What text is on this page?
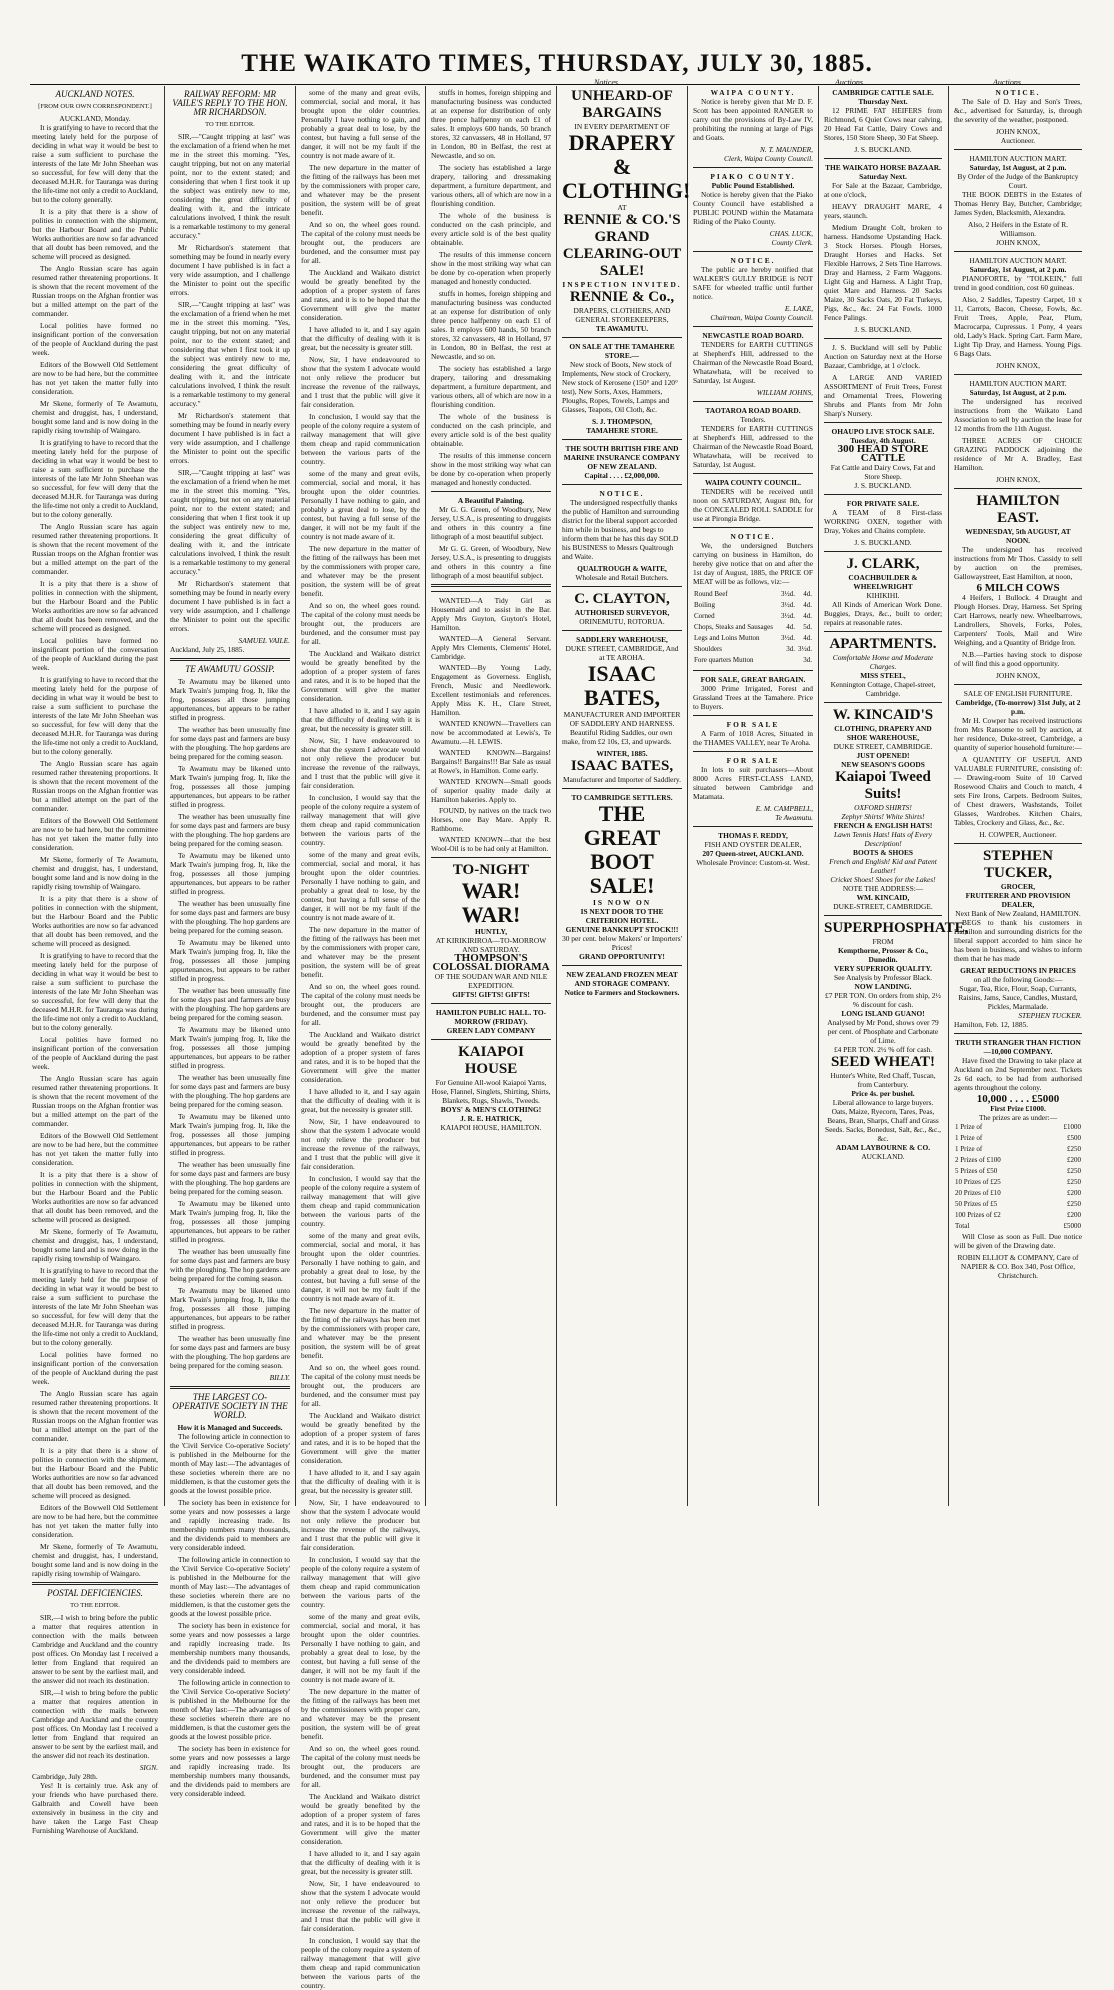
THE WAIKATO TIMES, THURSDAY, JULY 30, 1885.
Notices.	Auctions.	Auctions.
AUCKLAND NOTES.
[FROM OUR OWN CORRESPONDENT.]
AUCKLAND, Monday.

It is gratifying to have to record that the meeting lately held for the purpose of deciding in what way it would be best to raise a sum sufficient to purchase the interests of the late Mr John Sheehan was so successful, for few will deny that the deceased M.H.R. for Tauranga was during the life-time not only a credit to Auckland, but to the colony generally.

It is a pity that there is a show of polities in connection with the shipment, but the Harbour Board and the Public Works authorities are now so far advanced that all doubt has been removed, and the scheme will proceed as designed.

The Anglo Russian scare has again resumed rather threatening proportions. It is shown that the recent movement of the Russian troops on the Afghan frontier was but a milled attempt on the part of the commander.

Local polities have formed no insignificant portion of the conversation of the people of Auckland during the past week.

Editors of the Bowwell Old Settlement are now to be had here, but the committee has not yet taken the matter fully into consideration.

Mr Skene, formerly of Te Awamutu, chemist and druggist, has, I understand, bought some land and is now doing in the rapidly rising township of Waingaro.

It is gratifying to have to record that the meeting lately held for the purpose of deciding in what way it would be best to raise a sum sufficient to purchase the interests of the late Mr John Sheehan was so successful, for few will deny that the deceased M.H.R. for Tauranga was during the life-time not only a credit to Auckland, but to the colony generally.

The Anglo Russian scare has again resumed rather threatening proportions. It is shown that the recent movement of the Russian troops on the Afghan frontier was but a milled attempt on the part of the commander.

It is a pity that there is a show of polities in connection with the shipment, but the Harbour Board and the Public Works authorities are now so far advanced that all doubt has been removed, and the scheme will proceed as designed.

Local polities have formed no insignificant portion of the conversation of the people of Auckland during the past week.

It is gratifying to have to record that the meeting lately held for the purpose of deciding in what way it would be best to raise a sum sufficient to purchase the interests of the late Mr John Sheehan was so successful, for few will deny that the deceased M.H.R. for Tauranga was during the life-time not only a credit to Auckland, but to the colony generally.

The Anglo Russian scare has again resumed rather threatening proportions. It is shown that the recent movement of the Russian troops on the Afghan frontier was but a milled attempt on the part of the commander.

Editors of the Bowwell Old Settlement are now to be had here, but the committee has not yet taken the matter fully into consideration.

Mr Skene, formerly of Te Awamutu, chemist and druggist, has, I understand, bought some land and is now doing in the rapidly rising township of Waingaro.

It is a pity that there is a show of polities in connection with the shipment, but the Harbour Board and the Public Works authorities are now so far advanced that all doubt has been removed, and the scheme will proceed as designed.

It is gratifying to have to record that the meeting lately held for the purpose of deciding in what way it would be best to raise a sum sufficient to purchase the interests of the late Mr John Sheehan was so successful, for few will deny that the deceased M.H.R. for Tauranga was during the life-time not only a credit to Auckland, but to the colony generally.

Local polities have formed no insignificant portion of the conversation of the people of Auckland during the past week.

The Anglo Russian scare has again resumed rather threatening proportions. It is shown that the recent movement of the Russian troops on the Afghan frontier was but a milled attempt on the part of the commander.

Editors of the Bowwell Old Settlement are now to be had here, but the committee has not yet taken the matter fully into consideration.

It is a pity that there is a show of polities in connection with the shipment, but the Harbour Board and the Public Works authorities are now so far advanced that all doubt has been removed, and the scheme will proceed as designed.

Mr Skene, formerly of Te Awamutu, chemist and druggist, has, I understand, bought some land and is now doing in the rapidly rising township of Waingaro.

It is gratifying to have to record that the meeting lately held for the purpose of deciding in what way it would be best to raise a sum sufficient to purchase the interests of the late Mr John Sheehan was so successful, for few will deny that the deceased M.H.R. for Tauranga was during the life-time not only a credit to Auckland, but to the colony generally.

Local polities have formed no insignificant portion of the conversation of the people of Auckland during the past week.

The Anglo Russian scare has again resumed rather threatening proportions. It is shown that the recent movement of the Russian troops on the Afghan frontier was but a milled attempt on the part of the commander.

It is a pity that there is a show of polities in connection with the shipment, but the Harbour Board and the Public Works authorities are now so far advanced that all doubt has been removed, and the scheme will proceed as designed.

Editors of the Bowwell Old Settlement are now to be had here, but the committee has not yet taken the matter fully into consideration.

Mr Skene, formerly of Te Awamutu, chemist and druggist, has, I understand, bought some land and is now doing in the rapidly rising township of Waingaro.

POSTAL DEFICIENCIES.
TO THE EDITOR.

SIR,—I wish to bring before the public a matter that requires attention in connection with the mails between Cambridge and Auckland and the country post offices. On Monday last I received a letter from England that required an answer to be sent by the earliest mail, and the answer did not reach its destination.

SIR,—I wish to bring before the public a matter that requires attention in connection with the mails between Cambridge and Auckland and the country post offices. On Monday last I received a letter from England that required an answer to be sent by the earliest mail, and the answer did not reach its destination.

SIGN.
Cambridge, July 28th.

Yes! It is certainly true. Ask any of your friends who have purchased there. Galbraith and Cowell have been extensively in business in the city and have taken the Large Fast Cheap Furnishing Warehouse of Auckland.

RAILWAY REFORM: MR VAILE'S REPLY TO THE HON. MR RICHARDSON.
TO THE EDITOR.

SIR,—"Caught tripping at last" was the exclamation of a friend when he met me in the street this morning. "Yes, caught tripping, but not on any material point, nor to the extent stated; and considering that when I first took it up the subject was entirely new to me, considering the great difficulty of dealing with it, and the intricate calculations involved, I think the result is a remarkable testimony to my general accuracy."

Mr Richardson's statement that something may be found in nearly every document I have published is in fact a very wide assumption, and I challenge the Minister to point out the specific errors.

SIR,—"Caught tripping at last" was the exclamation of a friend when he met me in the street this morning. "Yes, caught tripping, but not on any material point, nor to the extent stated; and considering that when I first took it up the subject was entirely new to me, considering the great difficulty of dealing with it, and the intricate calculations involved, I think the result is a remarkable testimony to my general accuracy."

Mr Richardson's statement that something may be found in nearly every document I have published is in fact a very wide assumption, and I challenge the Minister to point out the specific errors.

SIR,—"Caught tripping at last" was the exclamation of a friend when he met me in the street this morning. "Yes, caught tripping, but not on any material point, nor to the extent stated; and considering that when I first took it up the subject was entirely new to me, considering the great difficulty of dealing with it, and the intricate calculations involved, I think the result is a remarkable testimony to my general accuracy."

Mr Richardson's statement that something may be found in nearly every document I have published is in fact a very wide assumption, and I challenge the Minister to point out the specific errors.

SAMUEL VAILE.
Auckland, July 25, 1885.
TE AWAMUTU GOSSIP.

Te Awamutu may be likened unto Mark Twain's jumping frog. It, like the frog, possesses all those jumping appurtenances, but appears to be rather stifled in progress.

The weather has been unusually fine for some days past and farmers are busy with the ploughing. The hop gardens are being prepared for the coming season.

Te Awamutu may be likened unto Mark Twain's jumping frog. It, like the frog, possesses all those jumping appurtenances, but appears to be rather stifled in progress.

The weather has been unusually fine for some days past and farmers are busy with the ploughing. The hop gardens are being prepared for the coming season.

Te Awamutu may be likened unto Mark Twain's jumping frog. It, like the frog, possesses all those jumping appurtenances, but appears to be rather stifled in progress.

The weather has been unusually fine for some days past and farmers are busy with the ploughing. The hop gardens are being prepared for the coming season.

Te Awamutu may be likened unto Mark Twain's jumping frog. It, like the frog, possesses all those jumping appurtenances, but appears to be rather stifled in progress.

The weather has been unusually fine for some days past and farmers are busy with the ploughing. The hop gardens are being prepared for the coming season.

Te Awamutu may be likened unto Mark Twain's jumping frog. It, like the frog, possesses all those jumping appurtenances, but appears to be rather stifled in progress.

The weather has been unusually fine for some days past and farmers are busy with the ploughing. The hop gardens are being prepared for the coming season.

Te Awamutu may be likened unto Mark Twain's jumping frog. It, like the frog, possesses all those jumping appurtenances, but appears to be rather stifled in progress.

The weather has been unusually fine for some days past and farmers are busy with the ploughing. The hop gardens are being prepared for the coming season.

Te Awamutu may be likened unto Mark Twain's jumping frog. It, like the frog, possesses all those jumping appurtenances, but appears to be rather stifled in progress.

The weather has been unusually fine for some days past and farmers are busy with the ploughing. The hop gardens are being prepared for the coming season.

Te Awamutu may be likened unto Mark Twain's jumping frog. It, like the frog, possesses all those jumping appurtenances, but appears to be rather stifled in progress.

The weather has been unusually fine for some days past and farmers are busy with the ploughing. The hop gardens are being prepared for the coming season.

BILLY.
THE LARGEST CO-OPERATIVE SOCIETY IN THE WORLD.
How it is Managed and Succeeds.

The following article in connection to the 'Civil Service Co-operative Society' is published in the Melbourne for the month of May last:—The advantages of these societies wherein there are no middlemen, is that the customer gets the goods at the lowest possible price.

The society has been in existence for some years and now possesses a large and rapidly increasing trade. Its membership numbers many thousands, and the dividends paid to members are very considerable indeed.

The following article in connection to the 'Civil Service Co-operative Society' is published in the Melbourne for the month of May last:—The advantages of these societies wherein there are no middlemen, is that the customer gets the goods at the lowest possible price.

The society has been in existence for some years and now possesses a large and rapidly increasing trade. Its membership numbers many thousands, and the dividends paid to members are very considerable indeed.

The following article in connection to the 'Civil Service Co-operative Society' is published in the Melbourne for the month of May last:—The advantages of these societies wherein there are no middlemen, is that the customer gets the goods at the lowest possible price.

The society has been in existence for some years and now possesses a large and rapidly increasing trade. Its membership numbers many thousands, and the dividends paid to members are very considerable indeed.

some of the many and great evils, commercial, social and moral, it has brought upon the older countries. Personally I have nothing to gain, and probably a great deal to lose, by the contest, but having a full sense of the danger, it will not be my fault if the country is not made aware of it.

The new departure in the matter of the fitting of the railways has been met by the commissioners with proper care, and whatever may be the present position, the system will be of great benefit.

And so on, the wheel goes round. The capital of the colony must needs be brought out, the producers are burdened, and the consumer must pay for all.

The Auckland and Waikato district would be greatly benefited by the adoption of a proper system of fares and rates, and it is to be hoped that the Government will give the matter consideration.

I have alluded to it, and I say again that the difficulty of dealing with it is great, but the necessity is greater still.

Now, Sir, I have endeavoured to show that the system I advocate would not only relieve the producer but increase the revenue of the railways, and I trust that the public will give it fair consideration.

In conclusion, I would say that the people of the colony require a system of railway management that will give them cheap and rapid communication between the various parts of the country.

some of the many and great evils, commercial, social and moral, it has brought upon the older countries. Personally I have nothing to gain, and probably a great deal to lose, by the contest, but having a full sense of the danger, it will not be my fault if the country is not made aware of it.

The new departure in the matter of the fitting of the railways has been met by the commissioners with proper care, and whatever may be the present position, the system will be of great benefit.

And so on, the wheel goes round. The capital of the colony must needs be brought out, the producers are burdened, and the consumer must pay for all.

The Auckland and Waikato district would be greatly benefited by the adoption of a proper system of fares and rates, and it is to be hoped that the Government will give the matter consideration.

I have alluded to it, and I say again that the difficulty of dealing with it is great, but the necessity is greater still.

Now, Sir, I have endeavoured to show that the system I advocate would not only relieve the producer but increase the revenue of the railways, and I trust that the public will give it fair consideration.

In conclusion, I would say that the people of the colony require a system of railway management that will give them cheap and rapid communication between the various parts of the country.

some of the many and great evils, commercial, social and moral, it has brought upon the older countries. Personally I have nothing to gain, and probably a great deal to lose, by the contest, but having a full sense of the danger, it will not be my fault if the country is not made aware of it.

The new departure in the matter of the fitting of the railways has been met by the commissioners with proper care, and whatever may be the present position, the system will be of great benefit.

And so on, the wheel goes round. The capital of the colony must needs be brought out, the producers are burdened, and the consumer must pay for all.

The Auckland and Waikato district would be greatly benefited by the adoption of a proper system of fares and rates, and it is to be hoped that the Government will give the matter consideration.

I have alluded to it, and I say again that the difficulty of dealing with it is great, but the necessity is greater still.

Now, Sir, I have endeavoured to show that the system I advocate would not only relieve the producer but increase the revenue of the railways, and I trust that the public will give it fair consideration.

In conclusion, I would say that the people of the colony require a system of railway management that will give them cheap and rapid communication between the various parts of the country.

some of the many and great evils, commercial, social and moral, it has brought upon the older countries. Personally I have nothing to gain, and probably a great deal to lose, by the contest, but having a full sense of the danger, it will not be my fault if the country is not made aware of it.

The new departure in the matter of the fitting of the railways has been met by the commissioners with proper care, and whatever may be the present position, the system will be of great benefit.

And so on, the wheel goes round. The capital of the colony must needs be brought out, the producers are burdened, and the consumer must pay for all.

The Auckland and Waikato district would be greatly benefited by the adoption of a proper system of fares and rates, and it is to be hoped that the Government will give the matter consideration.

I have alluded to it, and I say again that the difficulty of dealing with it is great, but the necessity is greater still.

Now, Sir, I have endeavoured to show that the system I advocate would not only relieve the producer but increase the revenue of the railways, and I trust that the public will give it fair consideration.

In conclusion, I would say that the people of the colony require a system of railway management that will give them cheap and rapid communication between the various parts of the country.

some of the many and great evils, commercial, social and moral, it has brought upon the older countries. Personally I have nothing to gain, and probably a great deal to lose, by the contest, but having a full sense of the danger, it will not be my fault if the country is not made aware of it.

The new departure in the matter of the fitting of the railways has been met by the commissioners with proper care, and whatever may be the present position, the system will be of great benefit.

And so on, the wheel goes round. The capital of the colony must needs be brought out, the producers are burdened, and the consumer must pay for all.

The Auckland and Waikato district would be greatly benefited by the adoption of a proper system of fares and rates, and it is to be hoped that the Government will give the matter consideration.

I have alluded to it, and I say again that the difficulty of dealing with it is great, but the necessity is greater still.

Now, Sir, I have endeavoured to show that the system I advocate would not only relieve the producer but increase the revenue of the railways, and I trust that the public will give it fair consideration.

In conclusion, I would say that the people of the colony require a system of railway management that will give them cheap and rapid communication between the various parts of the country.

stuffs in homes, foreign shipping and manufacturing business was conducted at an expense for distribution of only three pence halfpenny on each £1 of sales. It employs 600 hands, 50 branch stores, 32 canvassers, 48 in Holland, 97 in London, 80 in Belfast, the rest at Newcastle, and so on.

The society has established a large drapery, tailoring and dressmaking department, a furniture department, and various others, all of which are now in a flourishing condition.

The whole of the business is conducted on the cash principle, and every article sold is of the best quality obtainable.

The results of this immense concern show in the most striking way what can be done by co-operation when properly managed and honestly conducted.

stuffs in homes, foreign shipping and manufacturing business was conducted at an expense for distribution of only three pence halfpenny on each £1 of sales. It employs 600 hands, 50 branch stores, 32 canvassers, 48 in Holland, 97 in London, 80 in Belfast, the rest at Newcastle, and so on.

The society has established a large drapery, tailoring and dressmaking department, a furniture department, and various others, all of which are now in a flourishing condition.

The whole of the business is conducted on the cash principle, and every article sold is of the best quality obtainable.

The results of this immense concern show in the most striking way what can be done by co-operation when properly managed and honestly conducted.

A Beautiful Painting.

Mr G. G. Green, of Woodbury, New Jersey, U.S.A., is presenting to druggists and others in this country a fine lithograph of a most beautiful subject.

Mr G. G. Green, of Woodbury, New Jersey, U.S.A., is presenting to druggists and others in this country a fine lithograph of a most beautiful subject.

WANTED—A Tidy Girl as Housemaid and to assist in the Bar. Apply Mrs Guyton, Guyton's Hotel, Hamilton.

WANTED—A General Servant. Apply Mrs Clements, Clements' Hotel, Cambridge.

WANTED—By Young Lady, Engagement as Governess. English, French, Music and Needlework. Excellent testimonials and references. Apply Miss K. H., Clare Street, Hamilton.

WANTED KNOWN—Travellers can now be accommodated at Lewis's, Te Awamutu.—H. LEWIS.

WANTED KNOWN—Bargains! Bargains!! Bargains!!! Bar Sale as usual at Rowe's, in Hamilton. Come early.

WANTED KNOWN—Small goods of superior quality made daily at Hamilton bakeries. Apply to.

FOUND, by natives on the track two Horses, one Bay Mare. Apply R. Rathborne.

WANTED KNOWN—that the best Wool-Oil is to be had only at Hamilton.

TO-NIGHT
WAR! WAR!
HUNTLY,
AT KIRIKIRIROA—TO-MORROW AND SATURDAY.
THOMPSON'S COLOSSAL DIORAMA
OF THE SOUDAN WAR AND NILE EXPEDITION.
GIFTS! GIFTS! GIFTS!
HAMILTON PUBLIC HALL. TO-MORROW (FRIDAY).
GREEN LADY COMPANY
KAIAPOI HOUSE
For Genuine All-wool Kaiapoi Yarns, Hose, Flannel, Singlets, Shirting, Shirts, Blankets, Rugs, Shawls, Tweeds.
BOYS' & MEN'S CLOTHING!
J. R. E. HATRICK,
KAIAPOI HOUSE, HAMILTON.
UNHEARD-OF BARGAINS
IN EVERY DEPARTMENT OF
DRAPERY & CLOTHING!
AT
RENNIE & CO.'S
GRAND CLEARING-OUT SALE!
INSPECTION INVITED.
RENNIE & Co.,
DRAPERS, CLOTHIERS, AND GENERAL STOREKEEPERS,
TE AWAMUTU.
ON SALE AT THE TAMAHERE STORE.—

New stock of Boots, New stock of Implements, New stock of Crockery, New stock of Kerosene (150° and 120° test), New Sorts, Axes, Hammers, Ploughs, Ropes, Towels, Lamps and Glasses, Teapots, Oil Cloth, &c.

S. J. THOMPSON,
TAMAHERE STORE.
THE SOUTH BRITISH FIRE AND MARINE INSURANCE COMPANY OF NEW ZEALAND.
Capital . . . . £2,000,000.
NOTICE.

The undersigned respectfully thanks the public of Hamilton and surrounding district for the liberal support accorded him while in business, and begs to inform them that he has this day SOLD his BUSINESS to Messrs Qualtrough and Waite.

QUALTROUGH & WAITE,
Wholesale and Retail Butchers.
C. CLAYTON,
AUTHORISED SURVEYOR,
ORINEMUTU, ROTORUA.
SADDLERY WAREHOUSE,
DUKE STREET, CAMBRIDGE, And at TE AROHA.
ISAAC BATES,
MANUFACTURER AND IMPORTER OF SADDLERY AND HARNESS.

Beautiful Riding Saddles, our own make, from £2 10s, £3, and upwards.

WINTER, 1885.
ISAAC BATES,
Manufacturer and Importer of Saddlery.
TO CAMBRIDGE SETTLERS.
THE GREAT BOOT SALE!
IS NOW ON
IS NEXT DOOR TO THE CRITERION HOTEL.
GENUINE BANKRUPT STOCK!!!
30 per cent. below Makers' or Importers' Prices!
GRAND OPPORTUNITY!
NEW ZEALAND FROZEN MEAT AND STORAGE COMPANY.
Notice to Farmers and Stockowners.
WAIPA COUNTY.

Notice is hereby given that Mr D. F. Scott has been appointed RANGER to carry out the provisions of By-Law IV, prohibiting the running at large of Pigs and Goats.

N. T. MAUNDER,
Clerk, Waipa County Council.
PIAKO COUNTY.
Public Pound Established.

Notice is hereby given that the Piako County Council have established a PUBLIC POUND within the Matamata Riding of the Piako County.

CHAS. LUCK,
County Clerk.
NOTICE.

The public are hereby notified that WALKER'S GULLY BRIDGE is NOT SAFE for wheeled traffic until further notice.

E. LAKE,
Chairman, Waipa County Council.
NEWCASTLE ROAD BOARD.

TENDERS for EARTH CUTTINGS at Shepherd's Hill, addressed to the Chairman of the Newcastle Road Board, Whatawhata, will be received to Saturday, 1st August.

WILLIAM JOHNS,
TAOTAROA ROAD BOARD.
Tenders.

TENDERS for EARTH CUTTINGS at Shepherd's Hill, addressed to the Chairman of the Newcastle Road Board, Whatawhata, will be received to Saturday, 1st August.

WAIPA COUNTY COUNCIL.

TENDERS will be received until noon on SATURDAY, August 8th, for the CONCEALED ROLL SADDLE for use at Pirongia Bridge.

NOTICE.

We, the undersigned Butchers carrying on business in Hamilton, do hereby give notice that on and after the 1st day of August, 1885, the PRICE OF MEAT will be as follows, viz:—

Round Beef	3½d.	4d.
Boiling	3½d.	4d.
Corned	3½d.	4d.
Chops, Steaks and Sausages	4d.	5d.
Legs and Loins Mutton	3½d.	4d.
Shoulders	3d.	3½d.
Fore quarters Mutton		3d.
FOR SALE, GREAT BARGAIN.

3000 Prime Irrigated, Forest and Grassland Trees at the Tamahere. Price to Buyers.

FOR SALE

A Farm of 1018 Acres, Situated in the THAMES VALLEY, near Te Aroha.

FOR SALE

In lots to suit purchasers—About 8000 Acres FIRST-CLASS LAND, situated between Cambridge and Matamata.

E. M. CAMPBELL,
Te Awamutu.
THOMAS F. REDDY,
FISH AND OYSTER DEALER,
207 Queen-street, AUCKLAND.
Wholesale Province: Custom-st. West.
CAMBRIDGE CATTLE SALE.
Thursday Next.

12 PRIME FAT HEIFERS from Richmond, 6 Quiet Cows near calving, 20 Head Fat Cattle, Dairy Cows and Stores, 150 Store Sheep, 30 Fat Sheep.

J. S. BUCKLAND.
THE WAIKATO HORSE BAZAAR.
Saturday Next.

For Sale at the Bazaar, Cambridge, at one o'clock,

HEAVY DRAUGHT MARE, 4 years, staunch.

Medium Draught Colt, broken to harness. Handsome Upstanding Hack. 3 Stock Horses. Plough Horses, Draught Horses and Hacks. Set Flexible Harrows, 2 Sets Tine Harrows. Dray and Harness, 2 Farm Waggons. Light Gig and Harness. A Light Trap, quiet Mare and Harness. 20 Sacks Maize, 30 Sacks Oats, 20 Fat Turkeys, Pigs, &c., &c. 24 Fat Fowls. 1000 Fence Palings.

J. S. BUCKLAND.

J. S. Buckland will sell by Public Auction on Saturday next at the Horse Bazaar, Cambridge, at 1 o'clock.

A LARGE AND VARIED ASSORTMENT of Fruit Trees, Forest and Ornamental Trees, Flowering Shrubs and Plants from Mr John Sharp's Nursery.

OHAUPO LIVE STOCK SALE.
Tuesday, 4th August.
300 HEAD STORE CATTLE
Fat Cattle and Dairy Cows, Fat and Store Sheep.
J. S. BUCKLAND.
FOR PRIVATE SALE.

A TEAM of 8 First-class WORKING OXEN, together with Dray, Yokes and Chains complete.

J. S. BUCKLAND.
J. CLARK,
COACHBUILDER & WHEELWRIGHT
KIHIKIHI.

All Kinds of American Work Done. Buggies, Drays, &c., built to order; repairs at reasonable rates.

APARTMENTS.
Comfortable Home and Moderate Charges.
MISS STEEL,
Kennington Cottage, Chapel-street, Cambridge.
W. KINCAID'S
CLOTHING, DRAPERY AND SHOE WAREHOUSE,
DUKE STREET, CAMBRIDGE.
JUST OPENED!
NEW SEASON'S GOODS
Kaiapoi Tweed Suits!
OXFORD SHIRTS!
Zephyr Shirts! White Shirts!
FRENCH & ENGLISH HATS!
Lawn Tennis Hats! Hats of Every Description!
BOOTS & SHOES
French and English! Kid and Patent Leather!
Cricket Shoes! Shoes for the Lakes!
NOTE THE ADDRESS:—
WM. KINCAID,
DUKE-STREET, CAMBRIDGE.
SUPERPHOSPHATE,
FROM
Kempthorne, Prosser & Co., Dunedin.
VERY SUPERIOR QUALITY.
See Analysis by Professor Black.
NOW LANDING.
£7 PER TON. On orders from ship, 2½ % discount for cash.
LONG ISLAND GUANO!
Analysed by Mr Pond, shows over 79 per cent. of Phosphate and Carbonate of Lime.
£4 PER TON. 2½ % off for cash.
SEED WHEAT!
Hunter's White, Red Chaff, Tuscan, from Canterbury.
Price 4s. per bushel.
Liberal allowance to large buyers.
Oats, Maize, Ryecorn, Tares, Peas, Beans, Bran, Sharps, Chaff and Grass Seeds. Sacks, Bonedust, Salt, &c., &c., &c.
ADAM LAYBOURNE & CO.
AUCKLAND.
NOTICE.

The Sale of D. Hay and Son's Trees, &c., advertised for Saturday, is, through the severity of the weather, postponed.

JOHN KNOX,
Auctioneer.
HAMILTON AUCTION MART.
Saturday, 1st August, at 2 p.m.
By Order of the Judge of the Bankruptcy Court.

THE BOOK DEBTS in the Estates of Thomas Henry Bay, Butcher, Cambridge; James Syden, Blacksmith, Alexandra.

Also, 2 Heifers in the Estate of R. Williamson.
JOHN KNOX,
HAMILTON AUCTION MART.
Saturday, 1st August, at 2 p.m.

PIANOFORTE, by "TOLKEIN," full trend in good condition, cost 60 guineas.

Also, 2 Saddles, Tapestry Carpet, 10 x 11, Carrots, Bacon, Cheese, Fowls, &c. Fruit Trees, Apple, Pear, Plum, Macrocarpa, Cupressus. 1 Pony, 4 years old, Lady's Hack. Spring Cart. Farm Mare, Light Tip Dray, and Harness. Young Pigs. 6 Bags Oats.

JOHN KNOX,
HAMILTON AUCTION MART.
Saturday, 1st August, at 2 p.m.

The undersigned has received instructions from the Waikato Land Association to sell by auction the lease for 12 months from the 11th August.

THREE ACRES OF CHOICE GRAZING PADDOCK adjoining the residence of Mr A. Bradley, East Hamilton.

JOHN KNOX,
HAMILTON EAST.
WEDNESDAY, 5th AUGUST, AT NOON.

The undersigned has received instructions from Mr Thos. Cassidy to sell by auction on the premises, Gallowaystreet, East Hamilton, at noon,

6 MILCH COWS

4 Heifers, 1 Bullock. 4 Draught and Plough Horses. Dray, Harness. Set Spring Cart Harrows, nearly new. Wheelbarrows, Landrollers, Shovels, Forks, Poles, Carpenters' Tools, Mail and Wire Weighing, and a Quantity of Bridge Iron.

N.B.—Parties having stock to dispose of will find this a good opportunity.

JOHN KNOX,
SALE OF ENGLISH FURNITURE.
Cambridge, (To-morrow) 31st July, at 2 p.m.

Mr H. Cowper has received instructions from Mrs Ransome to sell by auction, at her residence, Duke-street, Cambridge, a quantity of superior household furniture:—

A QUANTITY OF USEFUL AND VALUABLE FURNITURE, consisting of:— Drawing-room Suite of 10 Carved Rosewood Chairs and Couch to match, 4 sets Fire Irons, Carpets. Bedroom Suites, of Chest drawers, Washstands, Toilet Glasses, Wardrobes. Kitchen Chairs, Tables, Crockery and Glass, &c., &c.

H. COWPER, Auctioneer.
STEPHEN TUCKER,
GROCER,
FRUITERER AND PROVISION DEALER,
Next Bank of New Zealand, HAMILTON.

BEGS to thank his customers in Hamilton and surrounding districts for the liberal support accorded to him since he has been in business, and wishes to inform them that he has made

GREAT REDUCTIONS IN PRICES
on all the following Goods:—
Sugar, Tea, Rice, Flour, Soap, Currants, Raisins, Jams, Sauce, Candles, Mustard, Pickles, Marmalade.
STEPHEN TUCKER.
Hamilton, Feb. 12, 1885.
TRUTH STRANGER THAN FICTION—10,000 COMPANY.

Have fixed the Drawing to take place at Auckland on 2nd September next. Tickets 2s 6d each, to be had from authorised agents throughout the colony.

10,000 . . . . £5000
First Prize £1000.
The prizes are as under:—
1 Prize of	£1000
1 Prize of	£500
1 Prize of	£250
2 Prizes of £100	£200
5 Prizes of £50	£250
10 Prizes of £25	£250
20 Prizes of £10	£200
50 Prizes of £5	£250
100 Prizes of £2	£200
Total	£5000

Will Close as soon as Full. Due notice will be given of the Drawing date.

ROBIN ELLIOT & COMPANY, Care of NAPIER & CO. Box 340, Post Office, Christchurch.
